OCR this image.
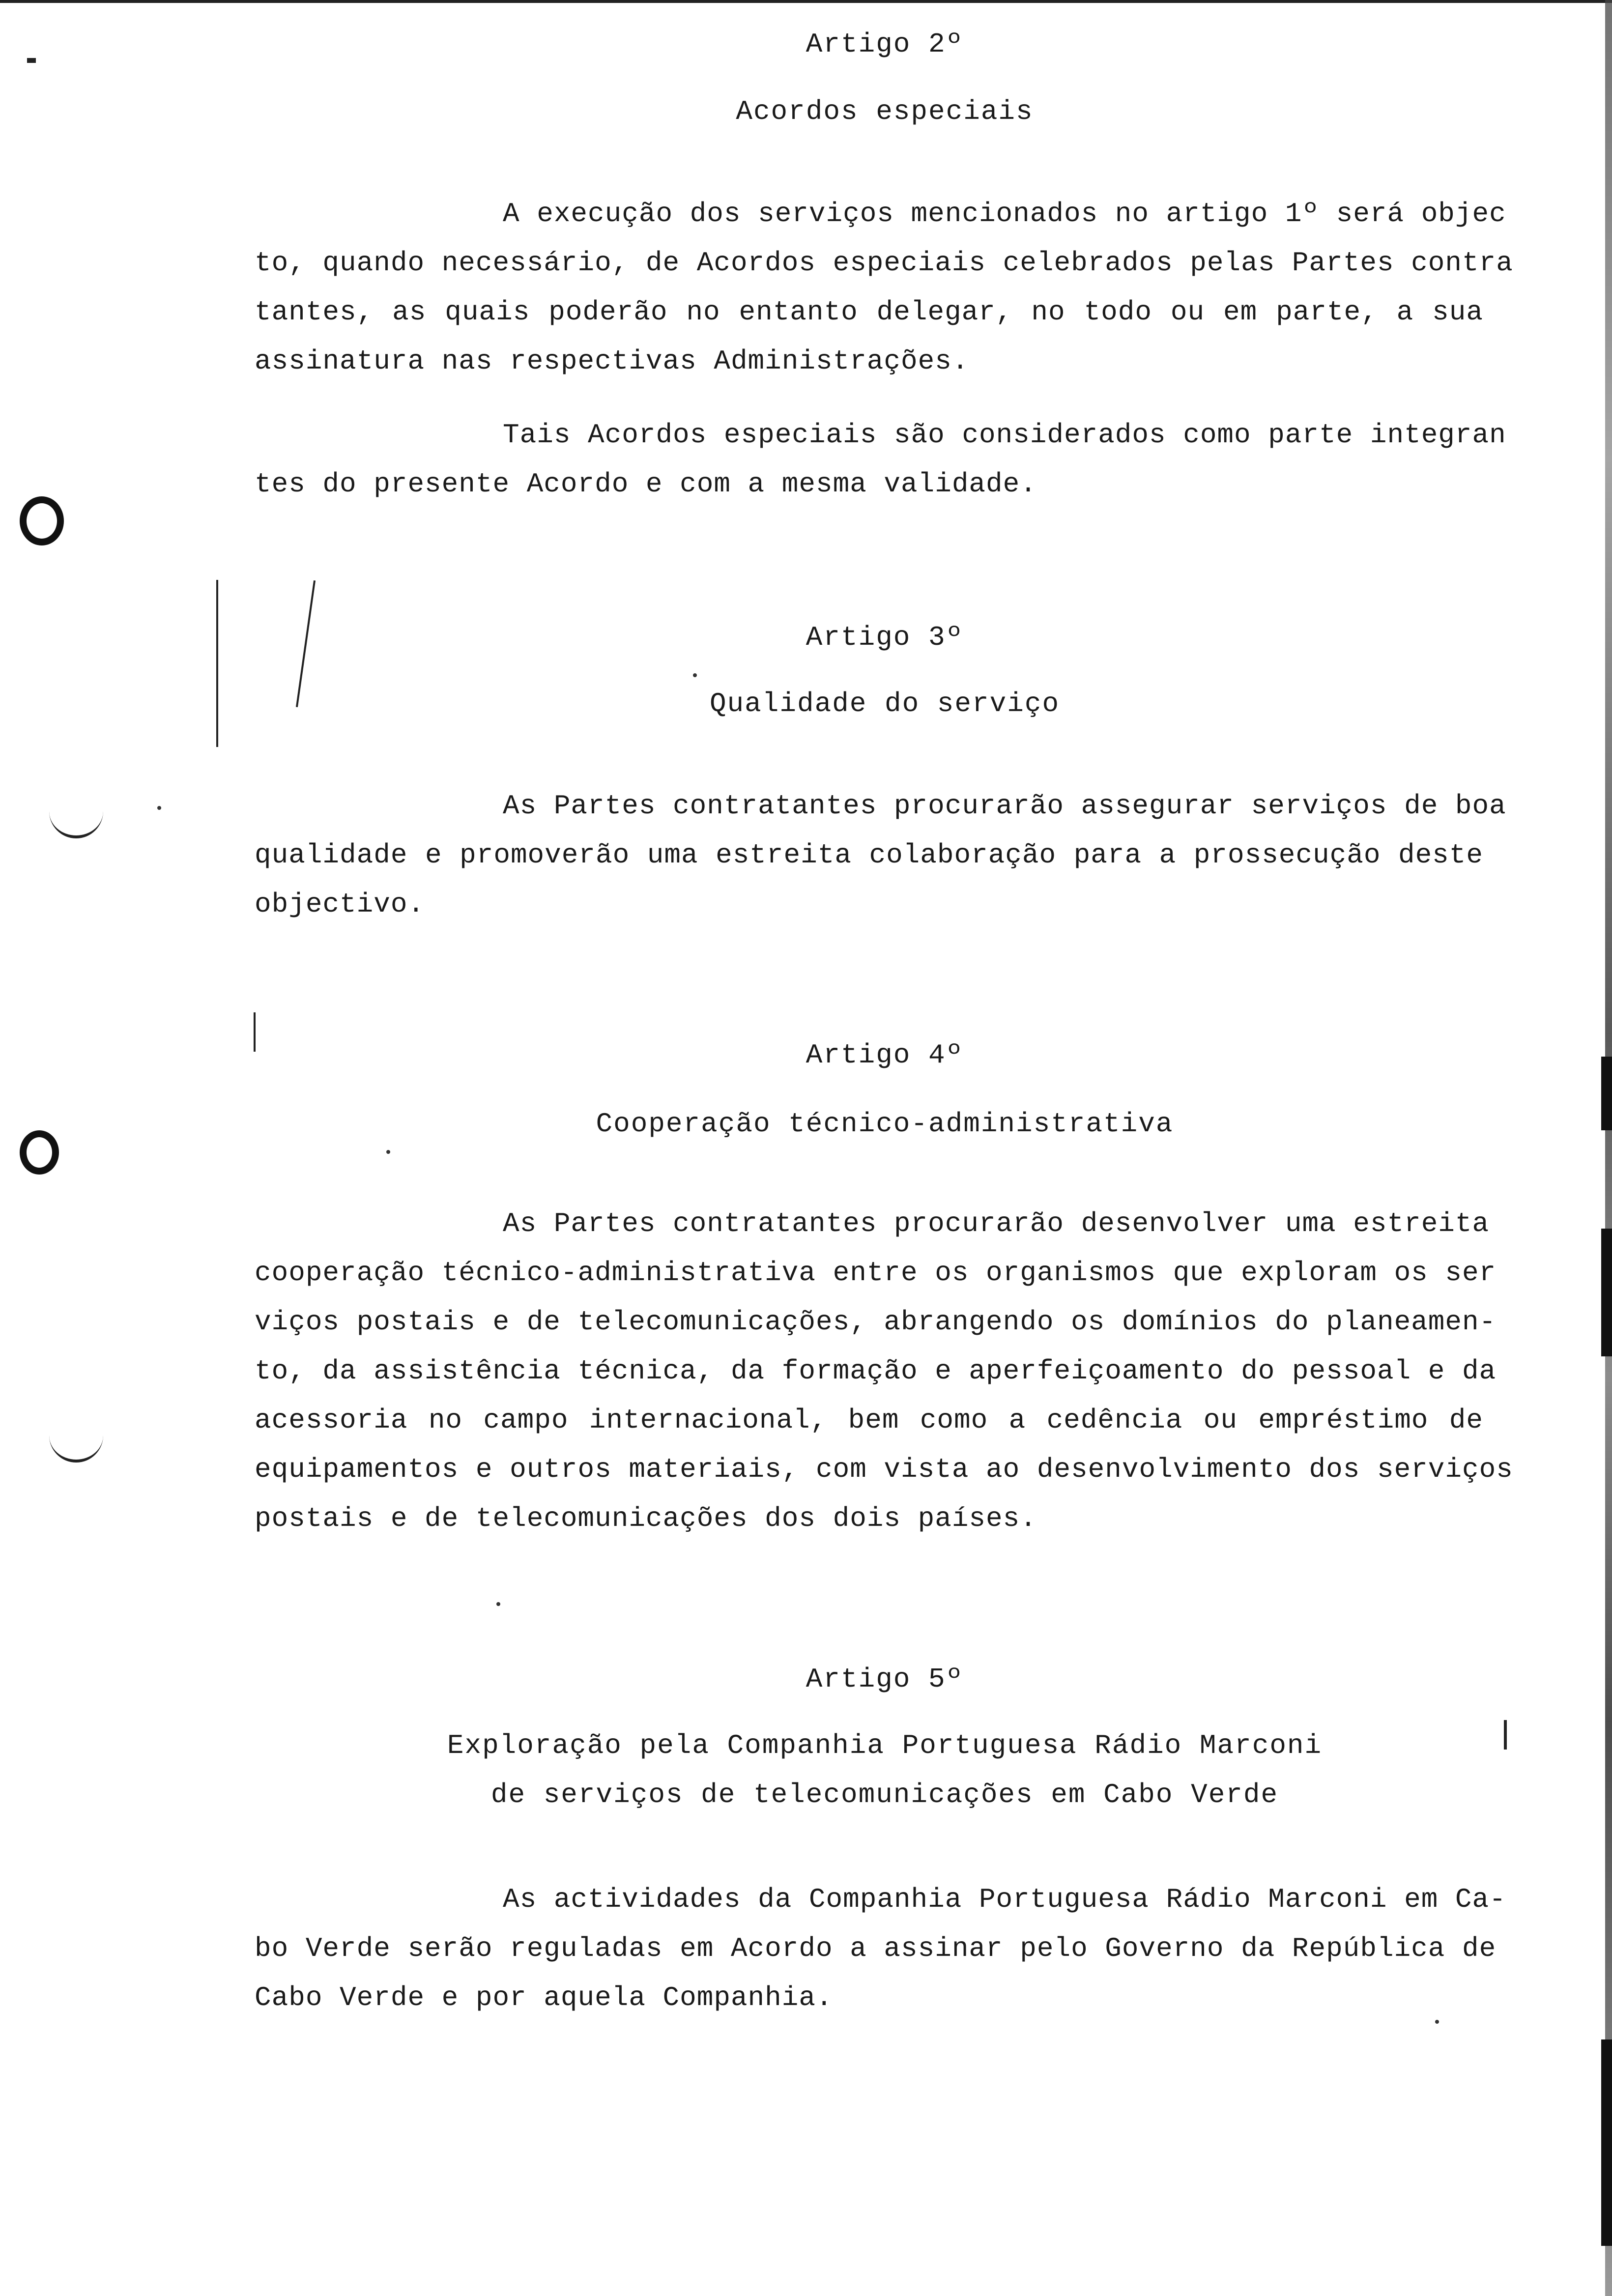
Artigo 2º
Acordos especiais
A execução dos serviços mencionados no artigo 1º será objec
to, quando necessário, de Acordos especiais celebrados pelas Partes contra
tantes, as quais poderão no entanto delegar, no todo ou em parte, a sua
assinatura nas respectivas Administrações.
Tais Acordos especiais são considerados como parte integran
tes do presente Acordo e com a mesma validade.
Artigo 3º
Qualidade do serviço
As Partes contratantes procurarão assegurar serviços de boa
qualidade e promoverão uma estreita colaboração para a prossecução deste
objectivo.
Artigo 4º
Cooperação técnico-administrativa
As Partes contratantes procurarão desenvolver uma estreita
cooperação técnico-administrativa entre os organismos que exploram os ser
viços postais e de telecomunicações, abrangendo os domínios do planeamen-
to, da assistência técnica, da formação e aperfeiçoamento do pessoal e da
acessoria no campo internacional, bem como a cedência ou empréstimo de
equipamentos e outros materiais, com vista ao desenvolvimento dos serviços
postais e de telecomunicações dos dois países.
Artigo 5º
Exploração pela Companhia Portuguesa Rádio Marconi
de serviços de telecomunicações em Cabo Verde
As actividades da Companhia Portuguesa Rádio Marconi em Ca-
bo Verde serão reguladas em Acordo a assinar pelo Governo da República de
Cabo Verde e por aquela Companhia.
